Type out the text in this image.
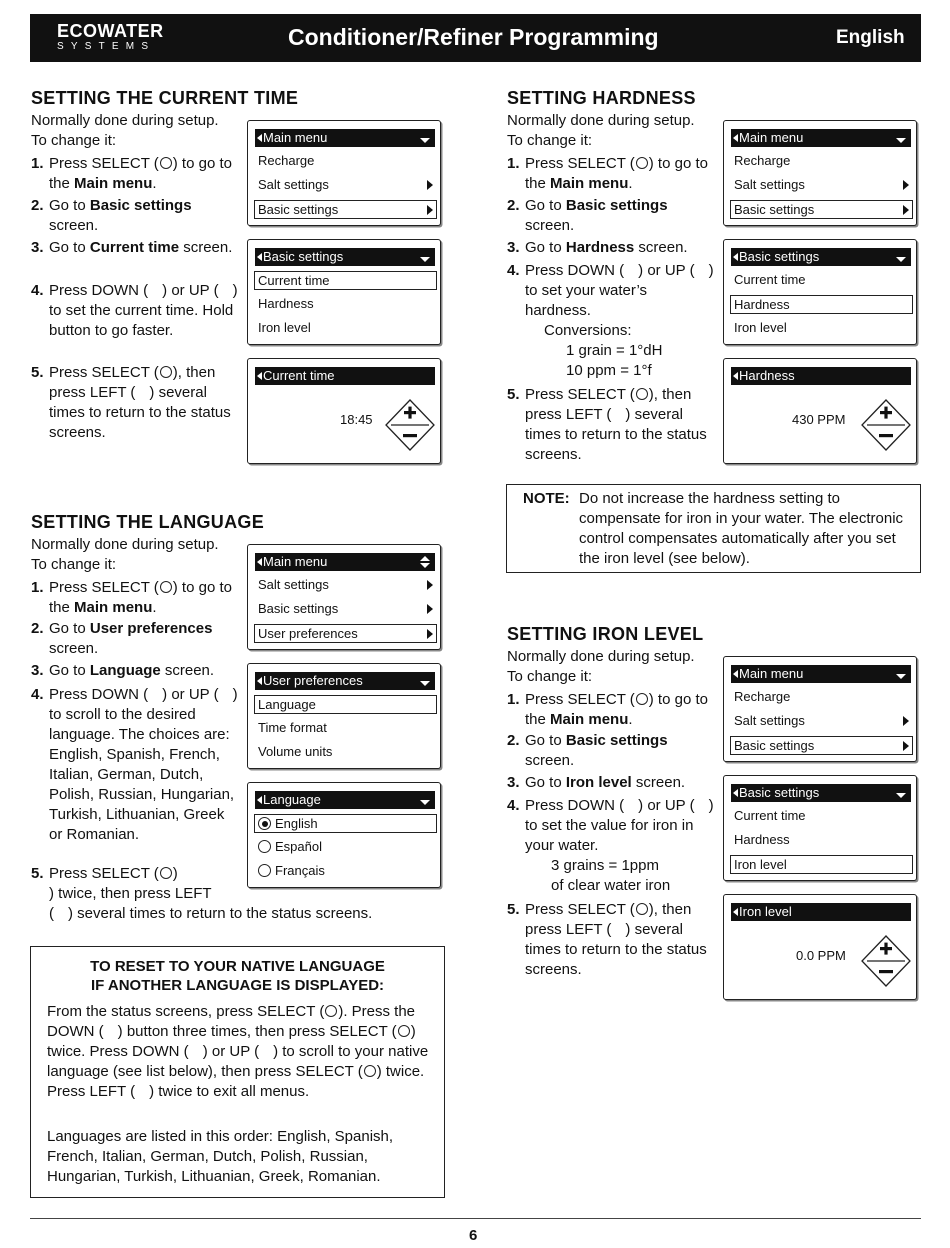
ECOWATER
SYSTEMS	Conditioner/Refiner Programming	English
SETTING THE CURRENT TIME
Normally done during setup.
To change it:
1. Press SELECT ( ) to go to the Main menu.
2. Go to Basic settings screen.
3. Go to Current time screen.
4. Press DOWN ( ) or UP ( ) to set the current time. Hold button to go faster.
5. Press SELECT ( ), then press LEFT ( ) several times to return to the status screens.
Main menu
Recharge
Salt settings
Basic settings
Basic settings
Current time
Hardness
Iron level
Current time
18:45
SETTING HARDNESS
Normally done during setup.
To change it:
1. Press SELECT ( ) to go to the Main menu.
2. Go to Basic settings screen.
3. Go to Hardness screen.
4. Press DOWN ( ) or UP ( ) to set your water’s hardness.
Conversions:
1 grain = 1°dH
10 ppm = 1°f
5. Press SELECT ( ), then press LEFT ( ) several times to return to the status screens.
Main menu
Recharge
Salt settings
Basic settings
Basic settings
Current time
Hardness
Iron level
Hardness
430 PPM
NOTE: Do not increase the hardness setting to compensate for iron in your water. The electronic control compensates automatically after you set the iron level (see below).
SETTING THE LANGUAGE
Normally done during setup.
To change it:
1. Press SELECT ( ) to go to the Main menu.
2. Go to User preferences screen.
3. Go to Language screen.
4. Press DOWN ( ) or UP ( ) to scroll to the desired language. The choices are: English, Spanish, French, Italian, German, Dutch, Polish, Russian, Hungarian, Turkish, Lithuanian, Greek or Romanian.
5. Press SELECT ( )
) twice, then press LEFT
( ) several times to return to the status screens.
Main menu
Salt settings
Basic settings
User preferences
User preferences
Language
Time format
Volume units
Language
English
Español
Français
TO RESET TO YOUR NATIVE LANGUAGE
IF ANOTHER LANGUAGE IS DISPLAYED:
From the status screens, press SELECT ( ). Press the DOWN ( ) button three times, then press SELECT ( ) twice. Press DOWN ( ) or UP ( ) to scroll to your native language (see list below), then press SELECT ( ) twice. Press LEFT ( ) twice to exit all menus.
Languages are listed in this order: English, Spanish, French, Italian, German, Dutch, Polish, Russian, Hungarian, Turkish, Lithuanian, Greek, Romanian.
SETTING IRON LEVEL
Normally done during setup.
To change it:
1. Press SELECT ( ) to go to the Main menu.
2. Go to Basic settings screen.
3. Go to Iron level screen.
4. Press DOWN ( ) or UP ( ) to set the value for iron in your water.
3 grains = 1ppm
of clear water iron
5. Press SELECT ( ), then press LEFT ( ) several times to return to the status screens.
Main menu
Recharge
Salt settings
Basic settings
Basic settings
Current time
Hardness
Iron level
Iron level
0.0 PPM
6
